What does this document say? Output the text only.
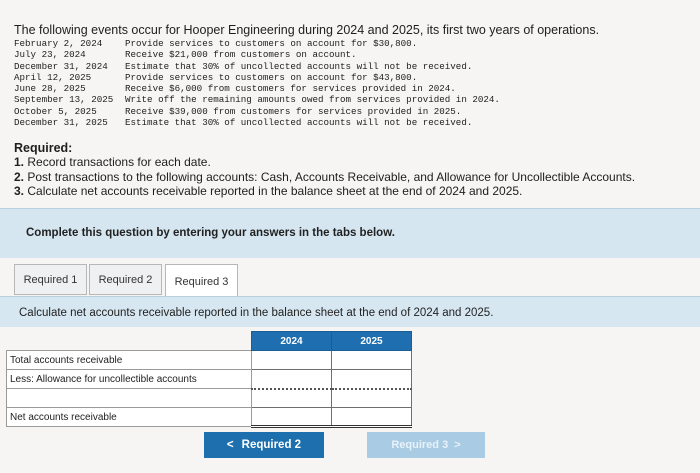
The following events occur for Hooper Engineering during 2024 and 2025, its first two years of operations.
February 2, 2024 Provide services to customers on account for $30,800.
July 23, 2024	Receive $21,000 from customers on account.
December 31, 2024 Estimate that 30% of uncollected accounts will not be received.
April 12, 2025	Provide services to customers on account for $43,800.
June 28, 2025	Receive $6,000 from customers for services provided in 2024.
September 13, 2025 Write off the remaining amounts owed from services provided in 2024.
October 5, 2025	Receive $39,000 from customers for services provided in 2025.
December 31, 2025 Estimate that 30% of uncollected accounts will not be received.
Required:
1. Record transactions for each date.
2. Post transactions to the following accounts: Cash, Accounts Receivable, and Allowance for Uncollectible Accounts.
3. Calculate net accounts receivable reported in the balance sheet at the end of 2024 and 2025.
Complete this question by entering your answers in the tabs below.
Required 1	Required 2	Required 3
Calculate net accounts receivable reported in the balance sheet at the end of 2024 and 2025.
	2024	2025
Total accounts receivable		
Less: Allowance for uncollectible accounts		

Net accounts receivable		
< Required 2	Required 3 >
